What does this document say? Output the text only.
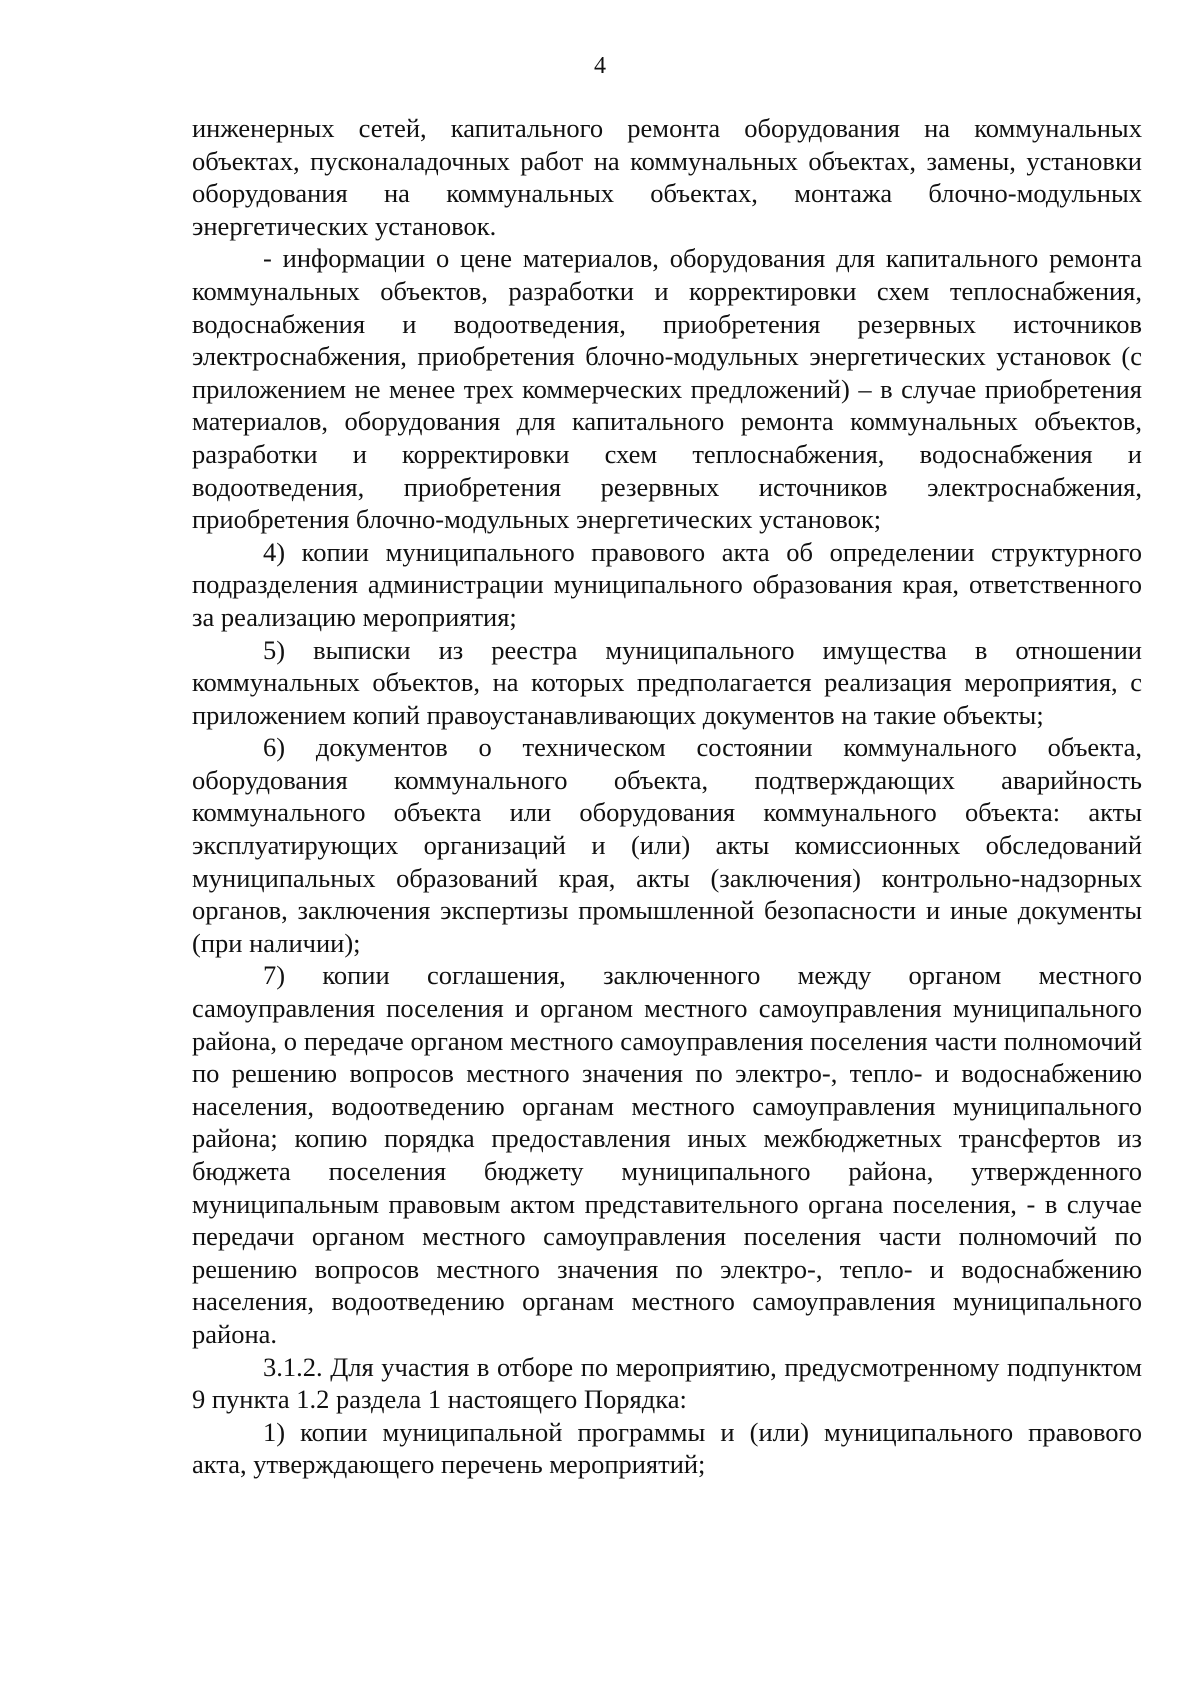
4

инженерных сетей, капитального ремонта оборудования на коммунальных объектах, пусконаладочных работ на коммунальных объектах, замены, установки оборудования на коммунальных объектах, монтажа блочно-модульных энергетических установок.

- информации о цене материалов, оборудования для капитального ремонта коммунальных объектов, разработки и корректировки схем теплоснабжения, водоснабжения и водоотведения, приобретения резервных источников электроснабжения, приобретения блочно-модульных энергетических установок (с приложением не менее трех коммерческих предложений) – в случае приобретения материалов, оборудования для капитального ремонта коммунальных объектов, разработки и корректировки схем теплоснабжения, водоснабжения и водоотведения, приобретения резервных источников электроснабжения, приобретения блочно-модульных энергетических установок;

4) копии муниципального правового акта об определении структурного подразделения администрации муниципального образования края, ответственного за реализацию мероприятия;

5) выписки из реестра муниципального имущества в отношении коммунальных объектов, на которых предполагается реализация мероприятия, с приложением копий правоустанавливающих документов на такие объекты;

6) документов о техническом состоянии коммунального объекта, оборудования коммунального объекта, подтверждающих аварийность коммунального объекта или оборудования коммунального объекта: акты эксплуатирующих организаций и (или) акты комиссионных обследований муниципальных образований края, акты (заключения) контрольно-надзорных органов, заключения экспертизы промышленной безопасности и иные документы (при наличии);

7) копии соглашения, заключенного между органом местного самоуправления поселения и органом местного самоуправления муниципального района, о передаче органом местного самоуправления поселения части полномочий по решению вопросов местного значения по электро-, тепло- и водоснабжению населения, водоотведению органам местного самоуправления муниципального района; копию порядка предоставления иных межбюджетных трансфертов из бюджета поселения бюджету муниципального района, утвержденного муниципальным правовым актом представительного органа поселения, - в случае передачи органом местного самоуправления поселения части полномочий по решению вопросов местного значения по электро-, тепло- и водоснабжению населения, водоотведению органам местного самоуправления муниципального района.

3.1.2. Для участия в отборе по мероприятию, предусмотренному подпунктом 9 пункта 1.2 раздела 1 настоящего Порядка:

1) копии муниципальной программы и (или) муниципального правового акта, утверждающего перечень мероприятий;
